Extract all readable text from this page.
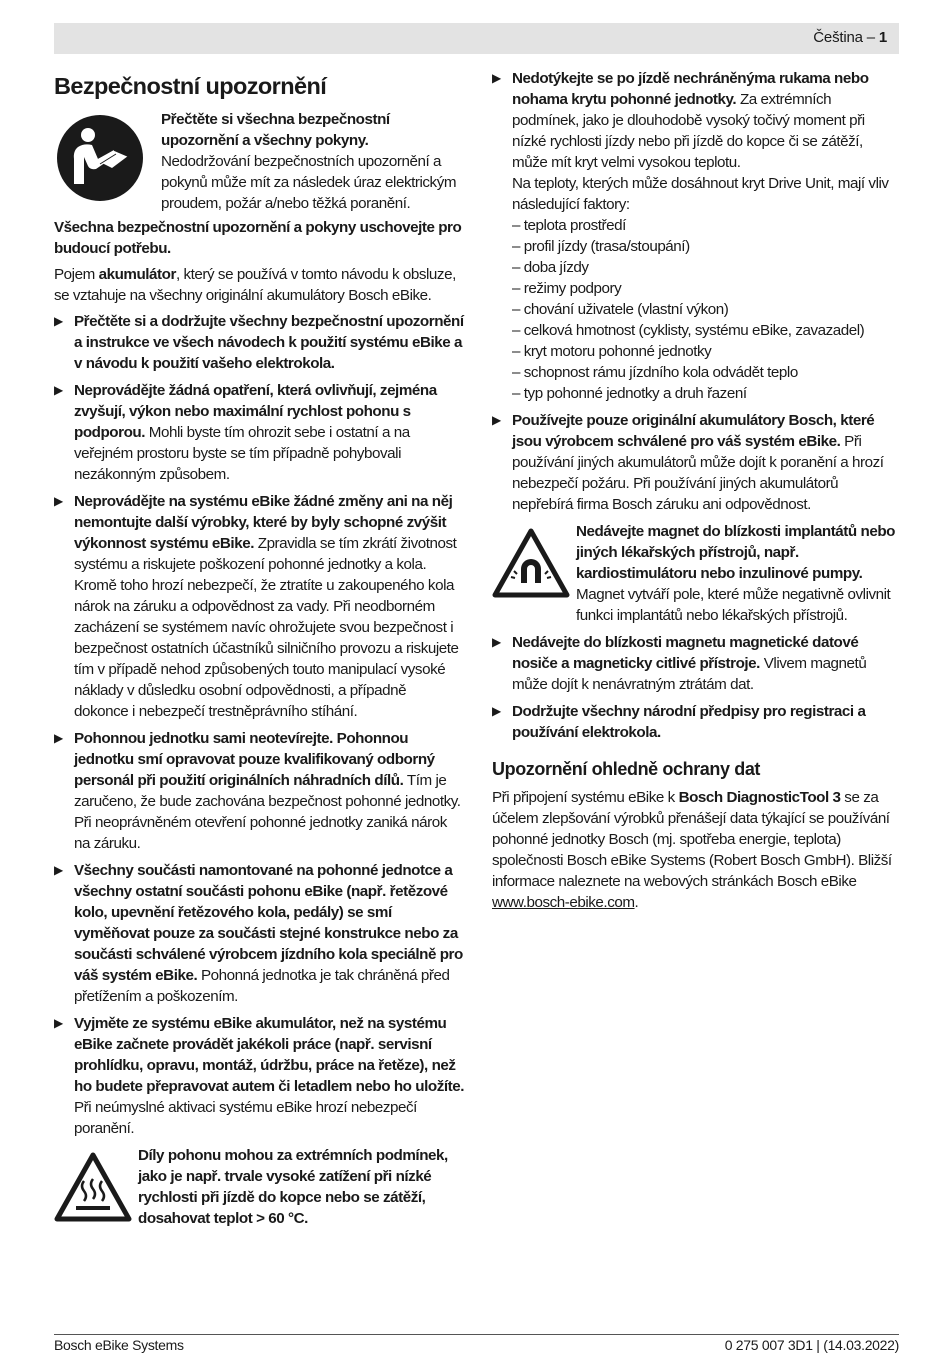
Čeština – 1
Bezpečnostní upozornění
Přečtěte si všechna bezpečnostní upozornění a všechny pokyny. Nedodržování bezpečnostních upozornění a pokynů může mít za následek úraz elektrickým proudem, požár a/nebo těžká poranění.

Všechna bezpečnostní upozornění a pokyny uschovejte pro budoucí potřebu.

Pojem akumulátor, který se používá v tomto návodu k obsluze, se vztahuje na všechny originální akumulátory Bosch eBike.

▶ Přečtěte si a dodržujte všechny bezpečnostní upozornění a instrukce ve všech návodech k použití systému eBike a v návodu k použití vašeho elektrokola.
▶ Neprovádějte žádná opatření, která ovlivňují, zejména zvyšují, výkon nebo maximální rychlost pohonu s podporou. Mohli byste tím ohrozit sebe i ostatní a na veřejném prostoru byste se tím případně pohybovali nezákonným způsobem.
▶ Neprovádějte na systému eBike žádné změny ani na něj nemontujte další výrobky, které by byly schopné zvýšit výkonnost systému eBike. Zpravidla se tím zkrátí životnost systému a riskujete poškození pohonné jednotky a kola. Kromě toho hrozí nebezpečí, že ztratíte u zakoupeného kola nárok na záruku a odpovědnost za vady. Při neodborném zacházení se systémem navíc ohrožujete svou bezpečnost i bezpečnost ostatních účastníků silničního provozu a riskujete tím v případě nehod způsobených touto manipulací vysoké náklady v důsledku osobní odpovědnosti, a případně dokonce i nebezpečí trestněprávního stíhání.
▶ Pohonnou jednotku sami neotevírejte. Pohonnou jednotku smí opravovat pouze kvalifikovaný odborný personál při použití originálních náhradních dílů. Tím je zaručeno, že bude zachována bezpečnost pohonné jednotky. Při neoprávněném otevření pohonné jednotky zaniká nárok na záruku.
▶ Všechny součásti namontované na pohonné jednotce a všechny ostatní součásti pohonu eBike (např. řetězové kolo, upevnění řetězového kola, pedály) se smí vyměňovat pouze za součásti stejné konstrukce nebo za součásti schválené výrobcem jízdního kola speciálně pro váš systém eBike. Pohonná jednotka je tak chráněná před přetížením a poškozením.
▶ Vyjměte ze systému eBike akumulátor, než na systému eBike začnete provádět jakékoli práce (např. servisní prohlídku, opravu, montáž, údržbu, práce na řetěze), než ho budete přepravovat autem či letadlem nebo ho uložíte. Při neúmyslné aktivaci systému eBike hrozí nebezpečí poranění.
Díly pohonu mohou za extrémních podmínek, jako je např. trvale vysoké zatížení při nízké rychlosti při jízdě do kopce nebo se zátěží, dosahovat teplot > 60 °C.
▶ Nedotýkejte se po jízdě nechráněnýma rukama nebo nohama krytu pohonné jednotky. Za extrémních podmínek, jako je dlouhodobě vysoký točivý moment při nízké rychlosti jízdy nebo při jízdě do kopce či se zátěží, může mít kryt velmi vysokou teplotu.
Na teploty, kterých může dosáhnout kryt Drive Unit, mají vliv následující faktory:
– teplota prostředí
– profil jízdy (trasa/stoupání)
– doba jízdy
– režimy podpory
– chování uživatele (vlastní výkon)
– celková hmotnost (cyklisty, systému eBike, zavazadel)
– kryt motoru pohonné jednotky
– schopnost rámu jízdního kola odvádět teplo
– typ pohonné jednotky a druh řazení
▶ Používejte pouze originální akumulátory Bosch, které jsou výrobcem schválené pro váš systém eBike. Při používání jiných akumulátorů může dojít k poranění a hrozí nebezpečí požáru. Při používání jiných akumulátorů nepřebírá firma Bosch záruku ani odpovědnost.
Nedávejte magnet do blízkosti implantátů nebo jiných lékařských přístrojů, např. kardiostimulátoru nebo inzulinové pumpy. Magnet vytváří pole, které může negativně ovlivnit funkci implantátů nebo lékařských přístrojů.
▶ Nedávejte do blízkosti magnetu magnetické datové nosiče a magneticky citlivé přístroje. Vlivem magnetů může dojít k nenávratným ztrátám dat.
▶ Dodržujte všechny národní předpisy pro registraci a používání elektrokola.
Upozornění ohledně ochrany dat

Při připojení systému eBike k Bosch DiagnosticTool 3 se za účelem zlepšování výrobků přenášejí data týkající se používání pohonné jednotky Bosch (mj. spotřeba energie, teplota) společnosti Bosch eBike Systems (Robert Bosch GmbH). Bližší informace naleznete na webových stránkách Bosch eBike www.bosch-ebike.com.

Bosch eBike Systems	0 275 007 3D1 | (14.03.2022)
